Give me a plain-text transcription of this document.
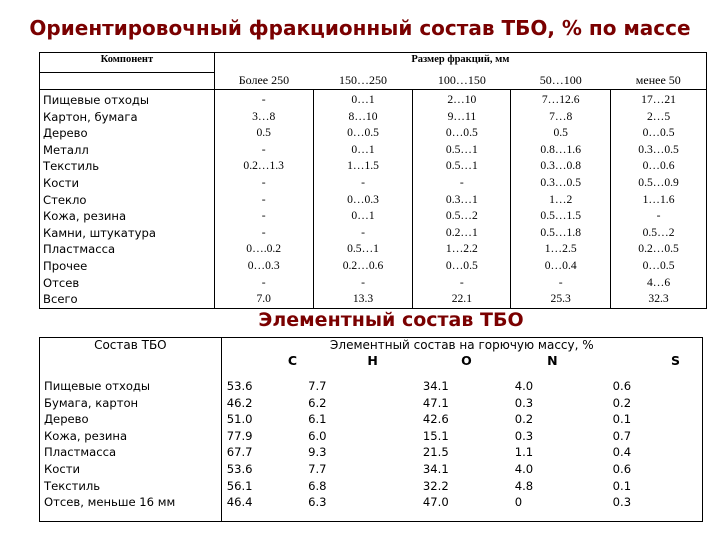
Ориентировочный фракционный состав ТБО, % по массе
Компонент	Размер фракций, мм				
	Более 250	150…250	100…150	50…100	менее 50
Пищевые отходы	-	0…1	2…10	7…12.6	17…21
Картон, бумага	3…8	8…10	9…11	7…8	2…5
Дерево	0.5	0…0.5	0…0.5	0.5	0…0.5
Металл	-	0…1	0.5…1	0.8…1.6	0.3…0.5
Текстиль	0.2…1.3	1…1.5	0.5…1	0.3…0.8	0…0.6
Кости	-	-	-	0.3…0.5	0.5…0.9
Стекло	-	0…0.3	0.3…1	1…2	1…1.6
Кожа, резина	-	0…1	0.5…2	0.5…1.5	-
Камни, штукатура	-	-	0.2…1	0.5…1.8	0.5…2
Пластмасса	0….0.2	0.5…1	1…2.2	1…2.5	0.2…0.5
Прочее	0…0.3	0.2…0.6	0…0.5	0…0.4	0…0.5
Отсев	-	-	-	-	4…6
Всего	7.0	13.3	22.1	25.3	32.3
Элементный состав ТБО
Состав ТБО	Элементный состав на горючую массу, %				
	C	H	O	N	S
Пищевые отходы	53.6	7.7	34.1	4.0	0.6
Бумага, картон	46.2	6.2	47.1	0.3	0.2
Дерево	51.0	6.1	42.6	0.2	0.1
Кожа, резина	77.9	6.0	15.1	0.3	0.7
Пластмасса	67.7	9.3	21.5	1.1	0.4
Кости	53.6	7.7	34.1	4.0	0.6
Текстиль	56.1	6.8	32.2	4.8	0.1
Отсев, меньше 16 мм	46.4	6.3	47.0	0	0.3
